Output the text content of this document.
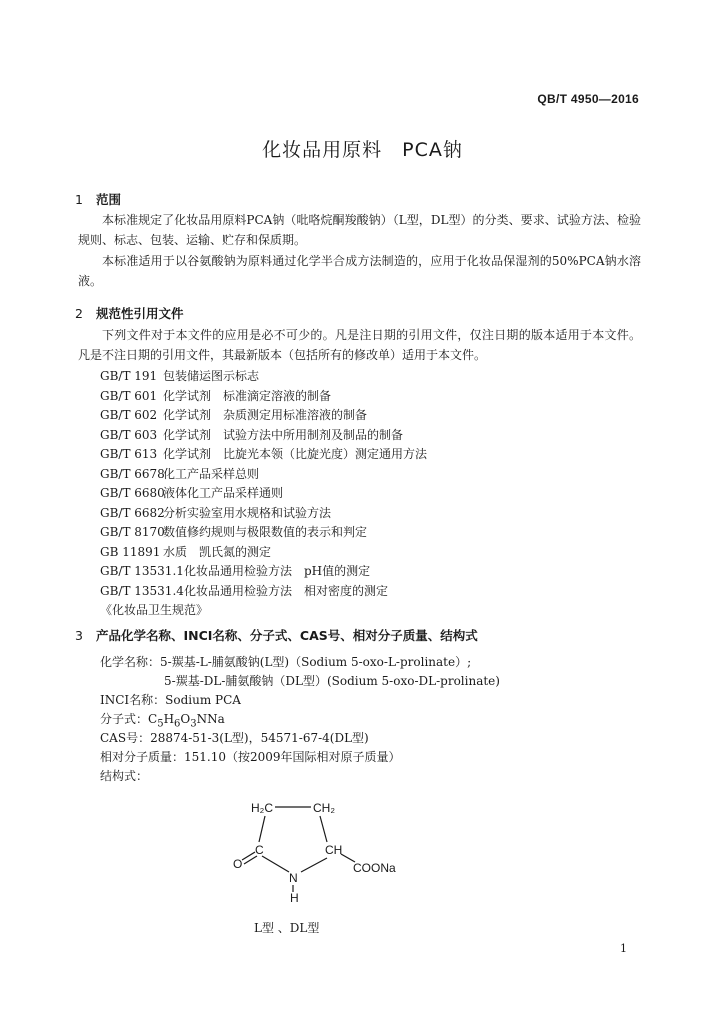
QB/T 4950—2016
化妆品用原料　PCA钠
1 范围
本标准规定了化妆品用原料PCA钠（吡咯烷酮羧酸钠）（L型，DL型）的分类、要求、试验方法、检验规则、标志、包装、运输、贮存和保质期。
本标准适用于以谷氨酸钠为原料通过化学半合成方法制造的，应用于化妆品保湿剂的50%PCA钠水溶液。
2 规范性引用文件
下列文件对于本文件的应用是必不可少的。凡是注日期的引用文件，仅注日期的版本适用于本文件。凡是不注日期的引用文件，其最新版本（包括所有的修改单）适用于本文件。
GB/T 191 包装储运图示标志
GB/T 601 化学试剂　标准滴定溶液的制备
GB/T 602 化学试剂　杂质测定用标准溶液的制备
GB/T 603 化学试剂　试验方法中所用制剂及制品的制备
GB/T 613 化学试剂　比旋光本领（比旋光度）测定通用方法
GB/T 6678化工产品采样总则
GB/T 6680液体化工产品采样通则
GB/T 6682分析实验室用水规格和试验方法
GB/T 8170数值修约规则与极限数值的表示和判定
GB 11891 水质　凯氏氮的测定
GB/T 13531.1化妆品通用检验方法　pH值的测定
GB/T 13531.4化妆品通用检验方法　相对密度的测定
《化妆品卫生规范》
3 产品化学名称、INCI名称、分子式、CAS号、相对分子质量、结构式
化学名称：5-羰基-L-脯氨酸钠(L型)（Sodium 5-oxo-L-prolinate）;
5-羰基-DL-脯氨酸钠（DL型）(Sodium 5-oxo-DL-prolinate)
INCI名称：Sodium PCA
分子式：$C_5H_6O_3NNa$
CAS号：28874-51-3(L型)，54571-67-4(DL型)
相对分子质量：151.10（按2009年国际相对原子质量）
结构式：
H₂C	CH₂
C	CH
O
N
H
COONa
L型 、DL型
1
